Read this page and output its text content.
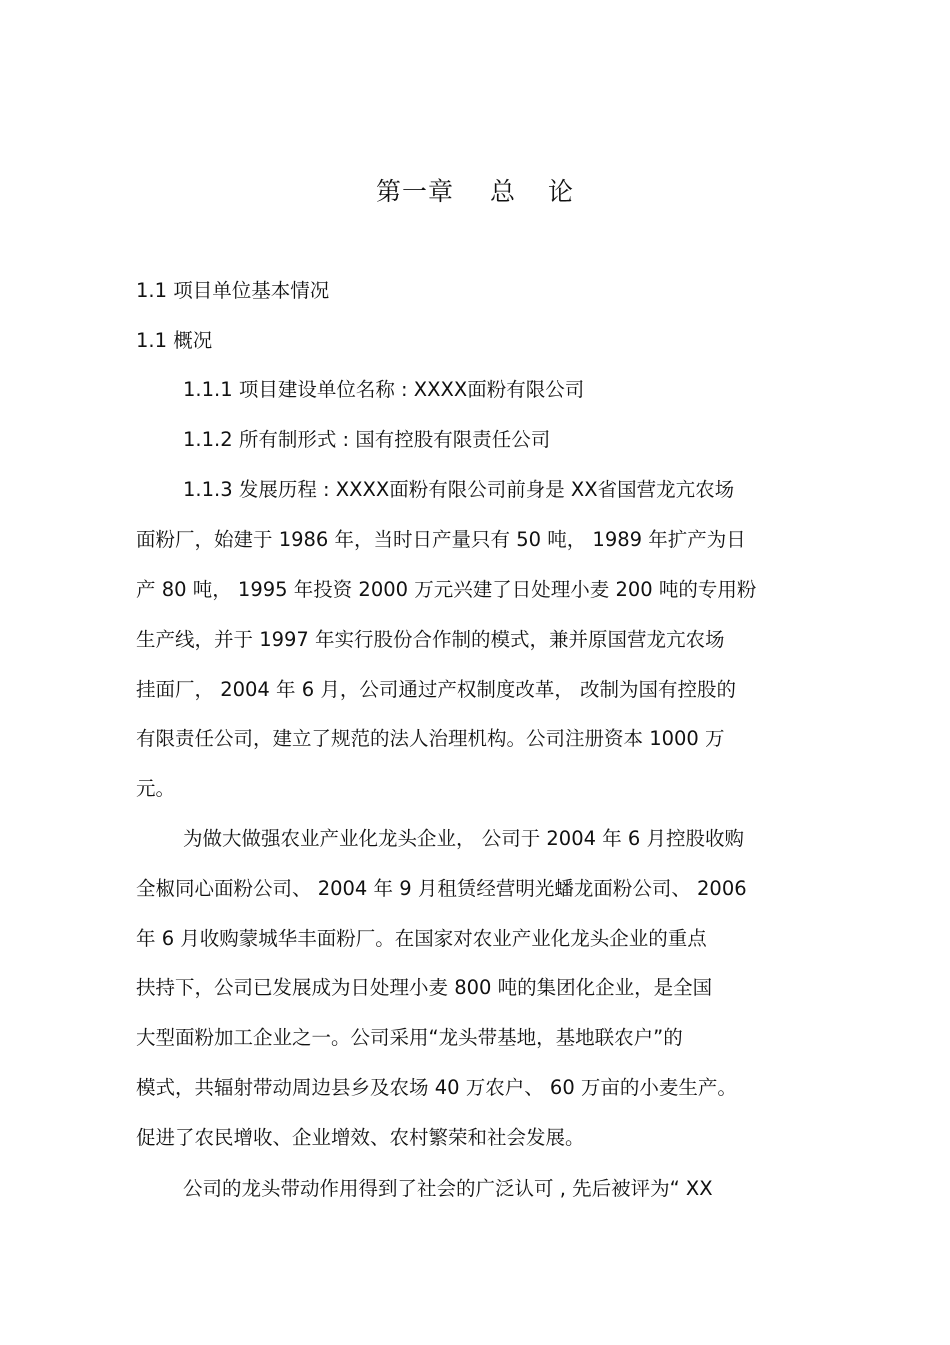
第一章 总 论
1.1 项目单位基本情况
1.1 概况
1.1.1 项目建设单位名称 : XXXX面粉有限公司
1.1.2 所有制形式 : 国有控股有限责任公司
1.1.3 发展历程 : XXXX面粉有限公司前身是 XX省国营龙亢农场
面粉厂，始建于 1986 年，当时日产量只有 50 吨， 1989 年扩产为日
产 80 吨， 1995 年投资 2000 万元兴建了日处理小麦 200 吨的专用粉
生产线，并于 1997 年实行股份合作制的模式，兼并原国营龙亢农场
挂面厂， 2004 年 6 月，公司通过产权制度改革， 改制为国有控股的
有限责任公司，建立了规范的法人治理机构。公司注册资本 1000 万
元。
为做大做强农业产业化龙头企业， 公司于 2004 年 6 月控股收购
全椒同心面粉公司、 2004 年 9 月租赁经营明光蟠龙面粉公司、 2006
年 6 月收购蒙城华丰面粉厂。在国家对农业产业化龙头企业的重点
扶持下，公司已发展成为日处理小麦 800 吨的集团化企业，是全国
大型面粉加工企业之一。公司采用“龙头带基地，基地联农户”的
模式，共辐射带动周边县乡及农场 40 万农户、 60 万亩的小麦生产。
促进了农民增收、企业增效、农村繁荣和社会发展。
公司的龙头带动作用得到了社会的广泛认可 , 先后被评为“ XX
